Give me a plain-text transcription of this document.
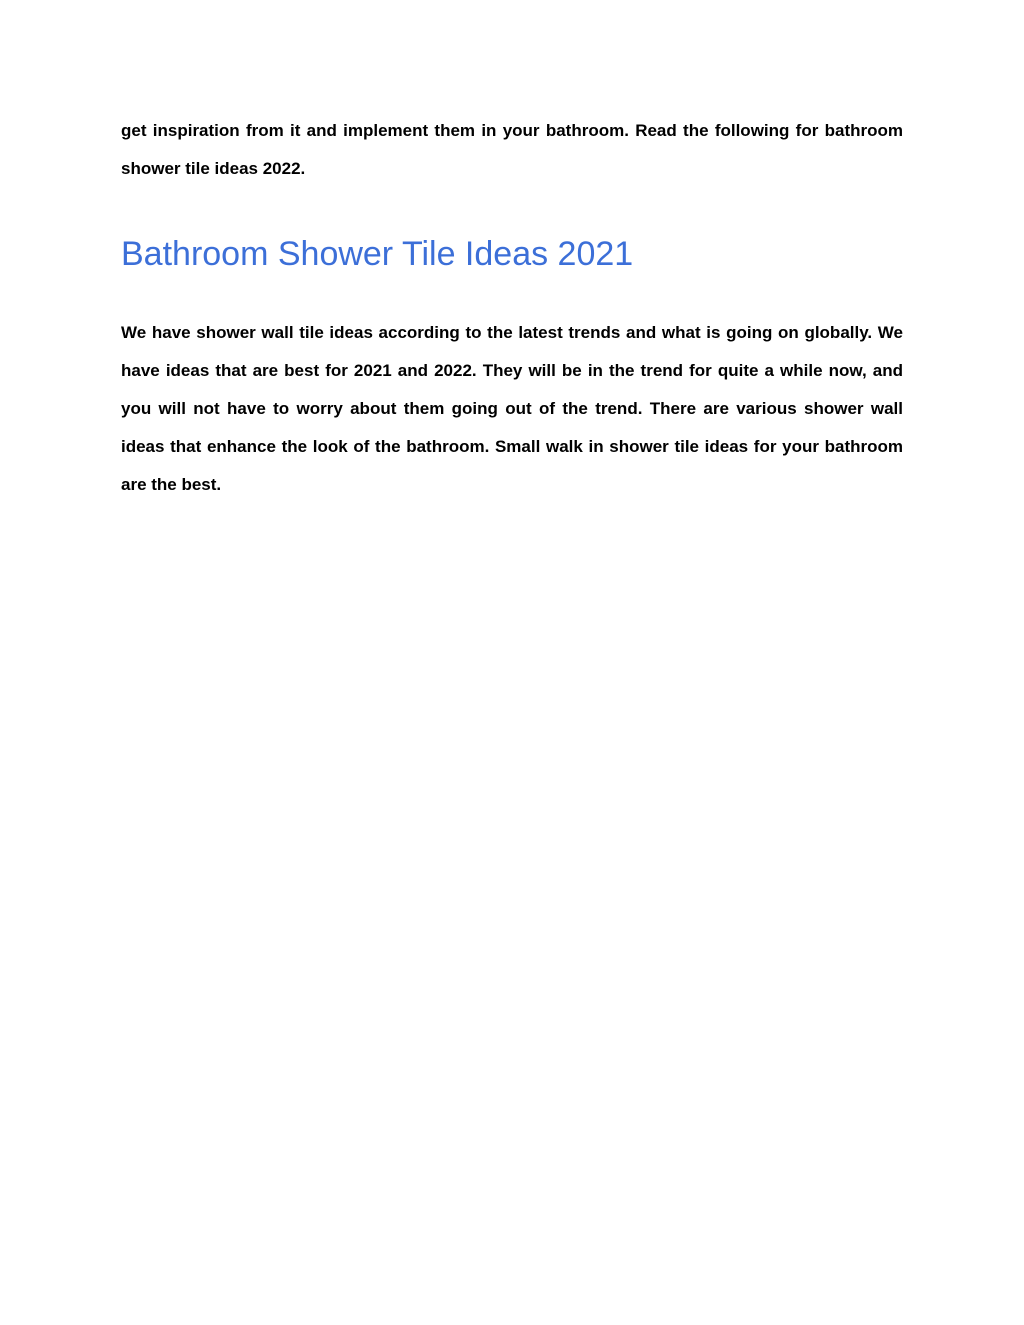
get inspiration from it and implement them in your bathroom. Read the following for bathroom shower tile ideas 2022.

Bathroom Shower Tile Ideas 2021

We have shower wall tile ideas according to the latest trends and what is going on globally. We have ideas that are best for 2021 and 2022. They will be in the trend for quite a while now, and you will not have to worry about them going out of the trend. There are various shower wall ideas that enhance the look of the bathroom. Small walk in shower tile ideas for your bathroom are the best.
